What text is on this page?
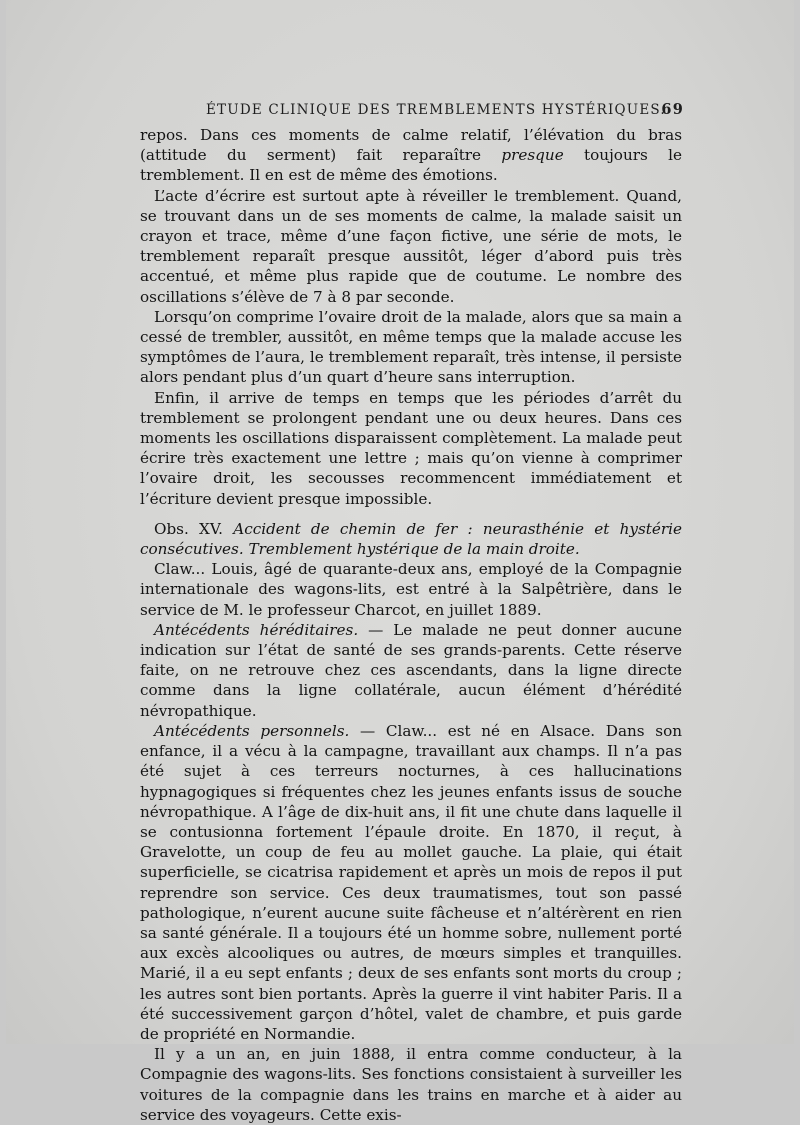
ÉTUDE CLINIQUE DES TREMBLEMENTS HYSTÉRIQUES.
69

repos. Dans ces moments de calme relatif, l’élévation du bras (attitude du serment) fait reparaître presque toujours le tremblement. Il en est de même des émotions.

L’acte d’écrire est surtout apte à réveiller le tremblement. Quand, se trouvant dans un de ses moments de calme, la malade saisit un crayon et trace, même d’une façon fictive, une série de mots, le tremblement reparaît presque aussitôt, léger d’abord puis très accentué, et même plus rapide que de coutume. Le nombre des oscillations s’élève de 7 à 8 par seconde.

Lorsqu’on comprime l’ovaire droit de la malade, alors que sa main a cessé de trembler, aussitôt, en même temps que la malade accuse les symptômes de l’aura, le tremblement reparaît, très intense, il persiste alors pendant plus d’un quart d’heure sans interruption.

Enfin, il arrive de temps en temps que les périodes d’arrêt du tremblement se prolongent pendant une ou deux heures. Dans ces moments les oscillations disparaissent complètement. La malade peut écrire très exactement une lettre ; mais qu’on vienne à comprimer l’ovaire droit, les secousses recommencent immédiatement et l’écriture devient presque impossible.

Obs. XV. Accident de chemin de fer : neurasthénie et hystérie consécutives. Tremblement hystérique de la main droite.

Claw... Louis, âgé de quarante-deux ans, employé de la Compagnie internationale des wagons-lits, est entré à la Salpêtrière, dans le service de M. le professeur Charcot, en juillet 1889.

Antécédents héréditaires. — Le malade ne peut donner aucune indication sur l’état de santé de ses grands-parents. Cette réserve faite, on ne retrouve chez ces ascendants, dans la ligne directe comme dans la ligne collatérale, aucun élément d’hérédité névropathique.

Antécédents personnels. — Claw... est né en Alsace. Dans son enfance, il a vécu à la campagne, travaillant aux champs. Il n’a pas été sujet à ces terreurs nocturnes, à ces hallucinations hypnagogiques si fréquentes chez les jeunes enfants issus de souche névropathique. A l’âge de dix-huit ans, il fit une chute dans laquelle il se contusionna fortement l’épaule droite. En 1870, il reçut, à Gravelotte, un coup de feu au mollet gauche. La plaie, qui était superficielle, se cicatrisa rapidement et après un mois de repos il put reprendre son service. Ces deux traumatismes, tout son passé pathologique, n’eurent aucune suite fâcheuse et n’altérèrent en rien sa santé générale. Il a toujours été un homme sobre, nullement porté aux excès alcooliques ou autres, de mœurs simples et tranquilles. Marié, il a eu sept enfants ; deux de ses enfants sont morts du croup ; les autres sont bien portants. Après la guerre il vint habiter Paris. Il a été successivement garçon d’hôtel, valet de chambre, et puis garde de propriété en Normandie.

Il y a un an, en juin 1888, il entra comme conducteur, à la Compagnie des wagons-lits. Ses fonctions consistaient à surveiller les voitures de la compagnie dans les trains en marche et à aider au service des voyageurs. Cette exis-
